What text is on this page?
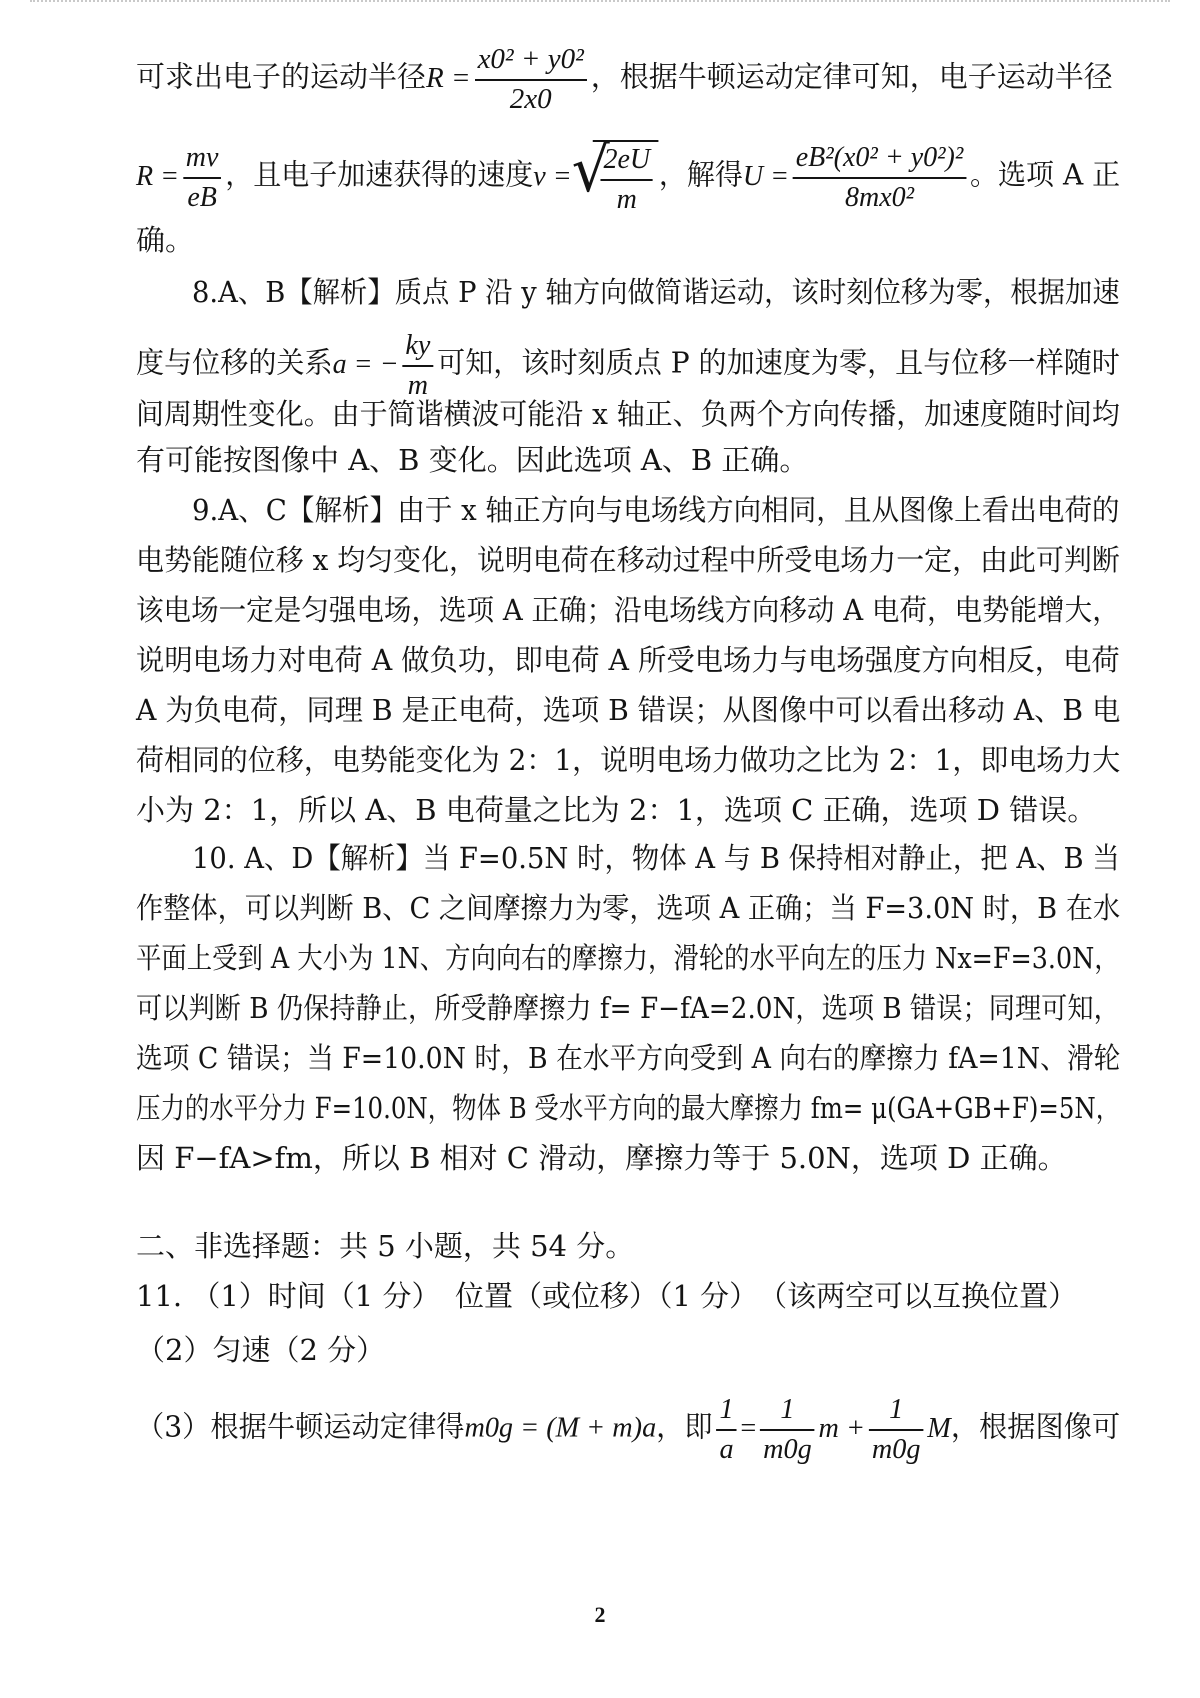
可求出电子的运动半径$R = \frac{\text{x0² + y0²}}{2x0}$ ，根据牛顿运动定律可知，电子运动半径
$R = \frac{mv}{eB}$ ，且电子加速获得的速度v = √
$\frac{2eU}{m}$ ，解得$U = \frac{\text{eB²(x0² + y0²)²}}{\text{8mx0²}}$ 。选项 A 正
确。
8.A、B【解析】质点 P 沿 y 轴方向做简谐运动，该时刻位移为零，根据加速
度与位移的关系a = − $\frac{ky}{m}$ 可知，该时刻质点 P 的加速度为零，且与位移一样随时
间周期性变化。由于简谐横波可能沿 x 轴正、负两个方向传播，加速度随时间均
有可能按图像中 A、B 变化。因此选项 A、B 正确。
9.A、C【解析】由于 x 轴正方向与电场线方向相同，且从图像上看出电荷的
电势能随位移 x 均匀变化，说明电荷在移动过程中所受电场力一定，由此可判断
该电场一定是匀强电场，选项 A 正确；沿电场线方向移动 A 电荷，电势能增大，
说明电场力对电荷 A 做负功，即电荷 A 所受电场力与电场强度方向相反，电荷
A 为负电荷，同理 B 是正电荷，选项 B 错误；从图像中可以看出移动 A、B 电
荷相同的位移，电势能变化为 2：1，说明电场力做功之比为 2：1，即电场力大
小为 2：1，所以 A、B 电荷量之比为 2：1，选项 C 正确，选项 D 错误。
10. A、D【解析】当 F=0.5N 时，物体 A 与 B 保持相对静止，把 A、B 当
作整体，可以判断 B、C 之间摩擦力为零，选项 A 正确；当 F=3.0N 时，B 在水
平面上受到 A 大小为 1N、方向向右的摩擦力，滑轮的水平向左的压力 Nx=F=3.0N，
可以判断 B 仍保持静止，所受静摩擦力 f= F−fA=2.0N，选项 B 错误；同理可知，
选项 C 错误；当 F=10.0N 时，B 在水平方向受到 A 向右的摩擦力 fA=1N、滑轮
压力的水平分力 F=10.0N，物体 B 受水平方向的最大摩擦力 fm= μ(GA+GB+F)=5N，
因 F−fA>fm，所以 B 相对 C 滑动，摩擦力等于 5.0N，选项 D 正确。
二、非选择题：共 5 小题，共 54 分。
11. （1）时间（1 分）　位置（或位移）（1 分）　（该两空可以互换位置）
（2）匀速（2 分）
（3）根据牛顿运动定律得m0g = (M + m)a，即 $\frac{1}{a} = \frac{1}{m0g}$ $m + \frac{1}{m0g}$ M，根据图像可
2
